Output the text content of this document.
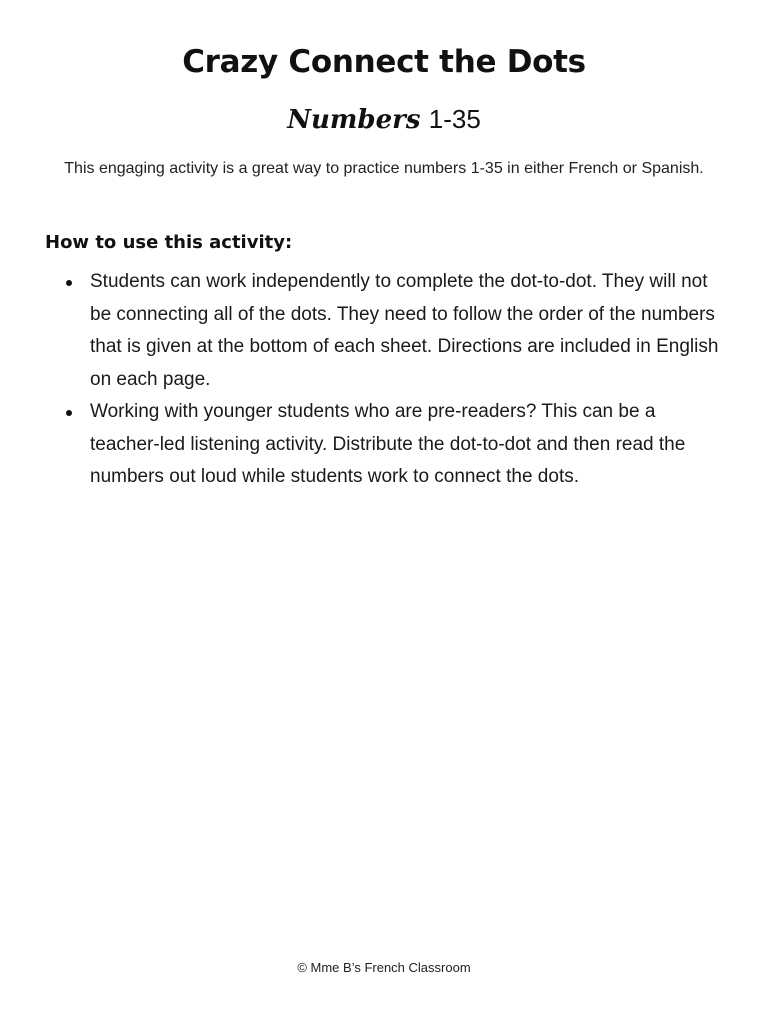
Crazy Connect the Dots
Numbers 1-35

This engaging activity is a great way to practice numbers 1-35 in either French or Spanish.

How to use this activity:
Students can work independently to complete the dot-to-dot. They will not be connecting all of the dots. They need to follow the order of the numbers that is given at the bottom of each sheet. Directions are included in English on each page.
Working with younger students who are pre-readers? This can be a teacher-led listening activity. Distribute the dot-to-dot and then read the numbers out loud while students work to connect the dots.

© Mme B’s French Classroom
